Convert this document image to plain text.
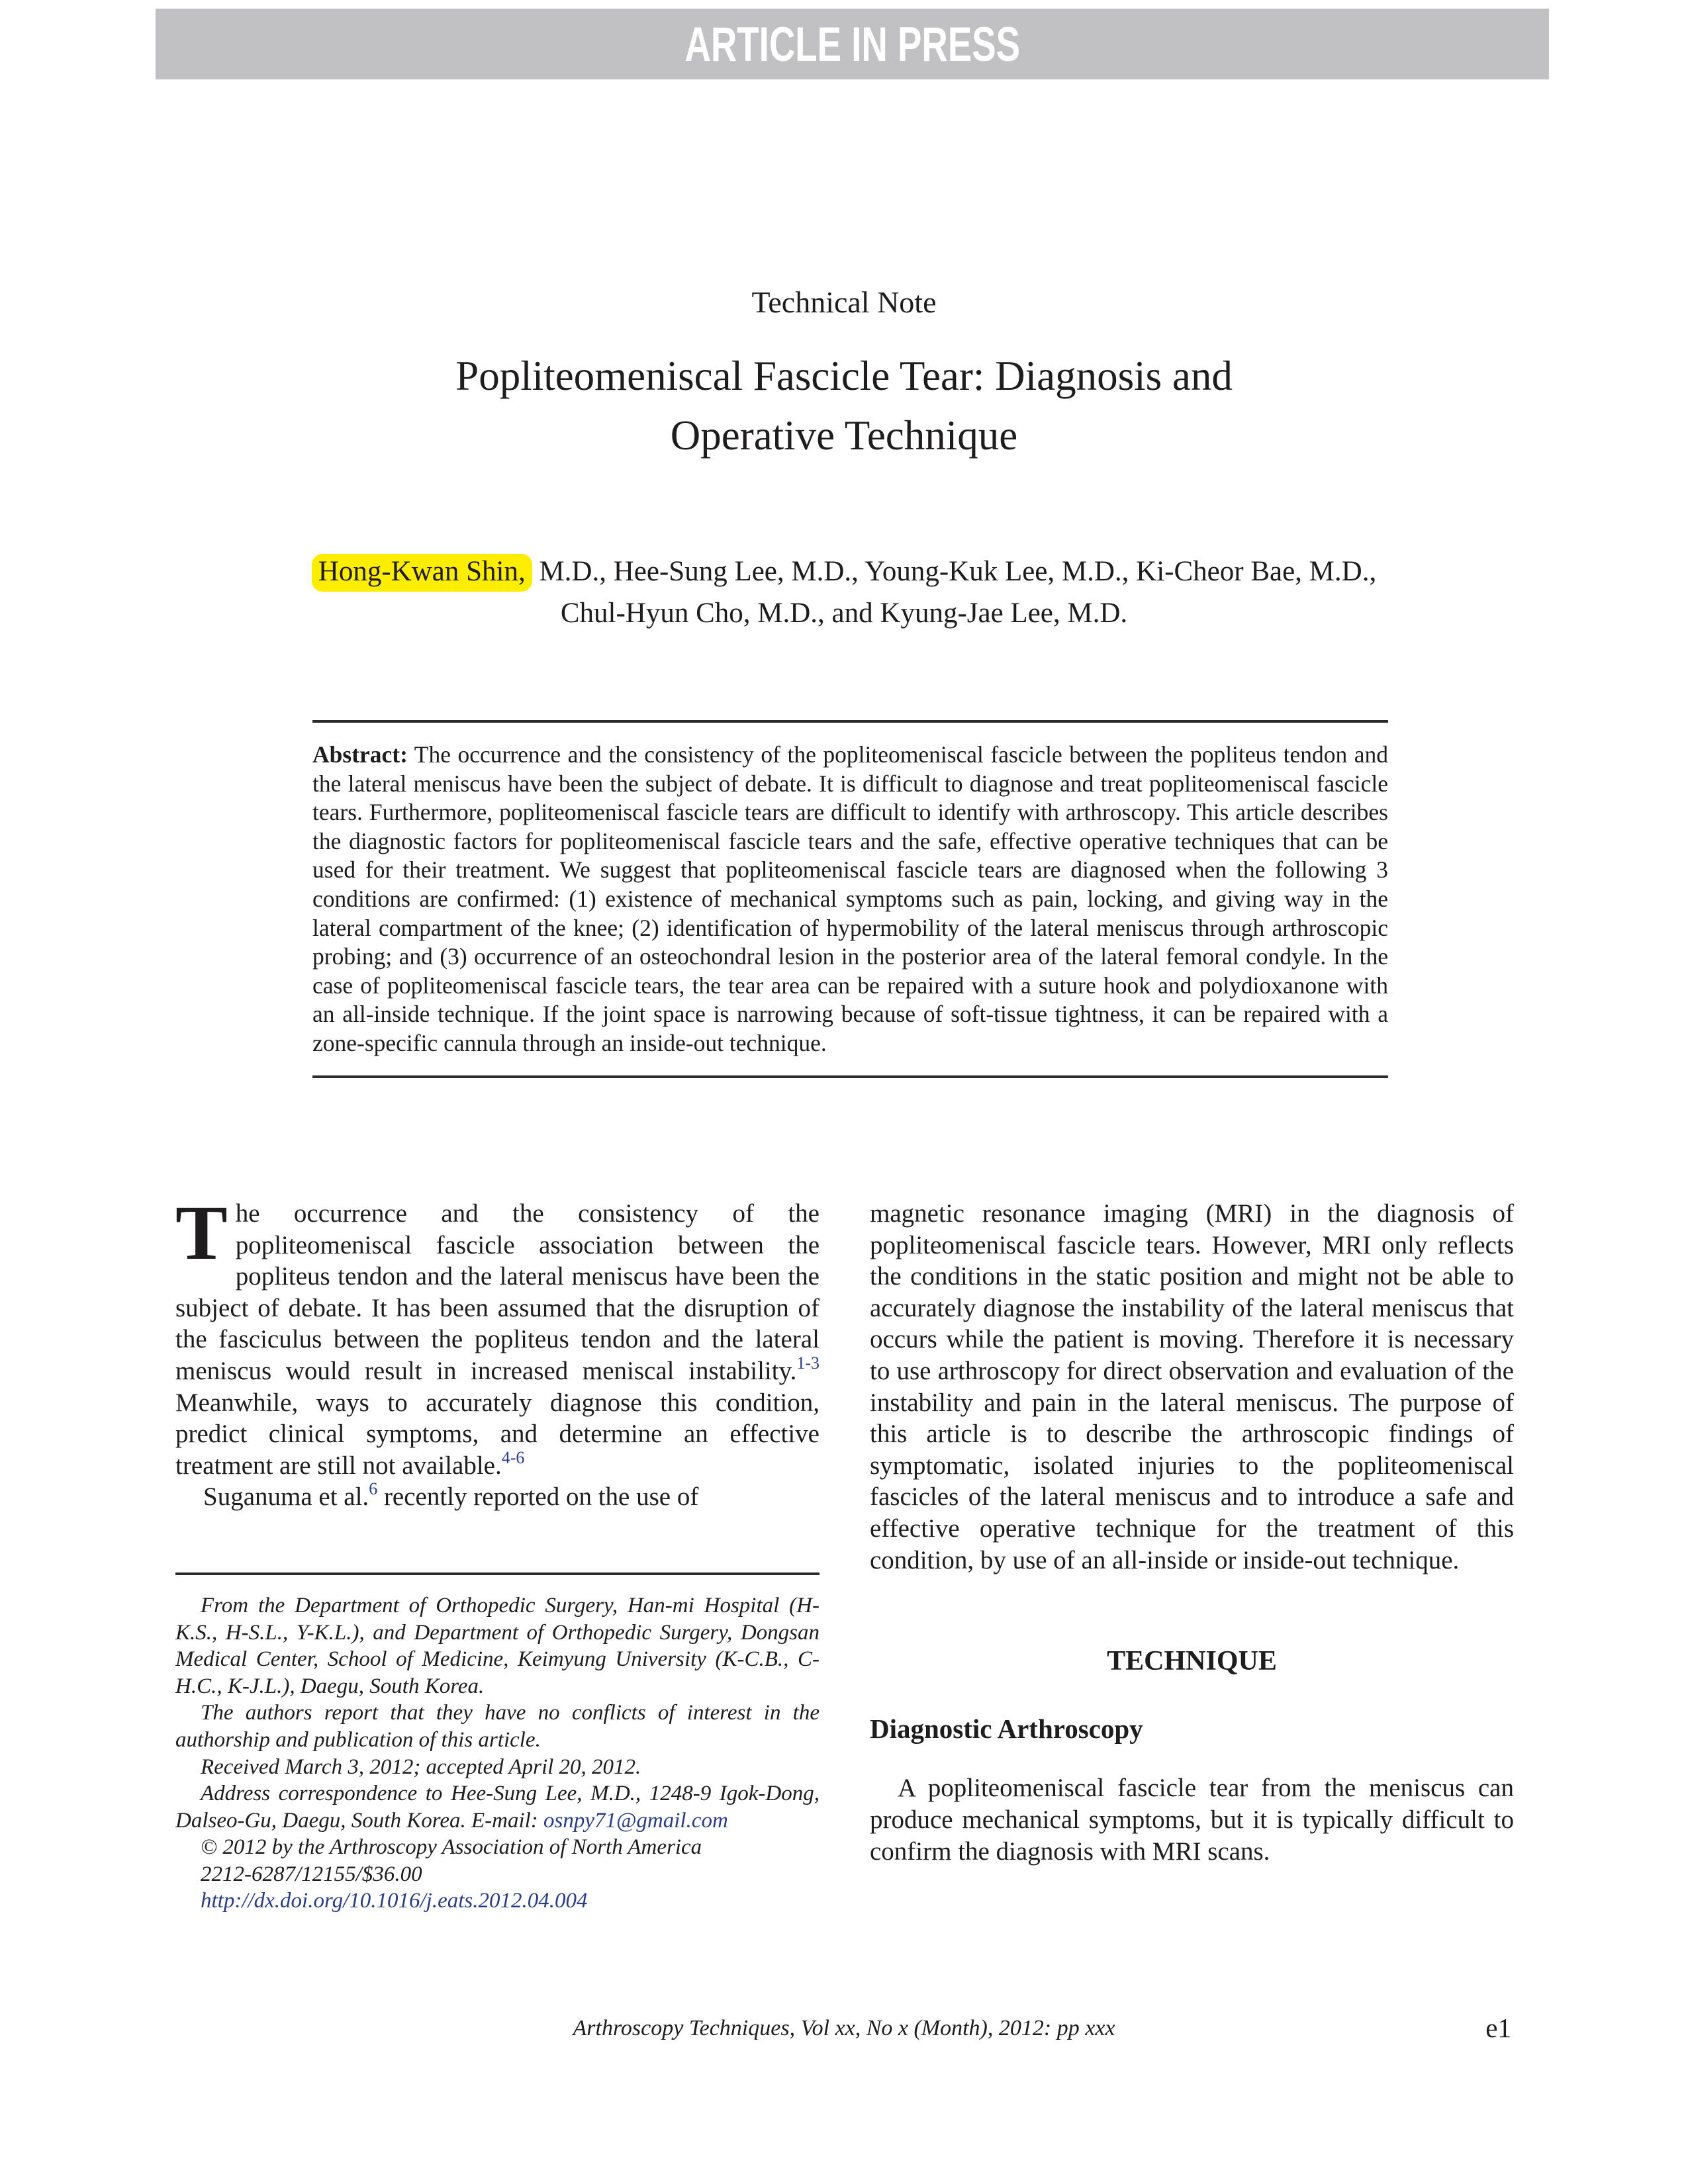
ARTICLE IN PRESS
Technical Note
Popliteomeniscal Fascicle Tear: Diagnosis and
Operative Technique
Hong-Kwan Shin, M.D., Hee-Sung Lee, M.D., Young-Kuk Lee, M.D., Ki-Cheor Bae, M.D.,
Chul-Hyun Cho, M.D., and Kyung-Jae Lee, M.D.

Abstract: The occurrence and the consistency of the popliteomeniscal fascicle between the popliteus tendon and the lateral meniscus have been the subject of debate. It is difficult to diagnose and treat popliteomeniscal fascicle tears. Furthermore, popliteomeniscal fascicle tears are difficult to identify with arthroscopy. This article describes the diagnostic factors for popliteomeniscal fascicle tears and the safe, effective operative techniques that can be used for their treatment. We suggest that popliteomeniscal fascicle tears are diagnosed when the following 3 conditions are confirmed: (1) existence of mechanical symptoms such as pain, locking, and giving way in the lateral compartment of the knee; (2) identification of hypermobility of the lateral meniscus through arthroscopic probing; and (3) occurrence of an osteochondral lesion in the posterior area of the lateral femoral condyle. In the case of popliteomeniscal fascicle tears, the tear area can be repaired with a suture hook and polydioxanone with an all-inside technique. If the joint space is narrowing because of soft-tissue tightness, it can be repaired with a zone-specific cannula through an inside-out technique.

The occurrence and the consistency of the popliteomeniscal fascicle association between the popliteus tendon and the lateral meniscus have been the subject of debate. It has been assumed that the disruption of the fasciculus between the popliteus tendon and the lateral meniscus would result in increased meniscal instability.$^{1-3}$ Meanwhile, ways to accurately diagnose this condition, predict clinical symptoms, and determine an effective treatment are still not available.$^{4-6}$

Suganuma et al.$^6$ recently reported on the use of

From the Department of Orthopedic Surgery, Han-mi Hospital (H-K.S., H-S.L., Y-K.L.), and Department of Orthopedic Surgery, Dongsan Medical Center, School of Medicine, Keimyung University (K-C.B., C-H.C., K-J.L.), Daegu, South Korea.

The authors report that they have no conflicts of interest in the authorship and publication of this article.

Received March 3, 2012; accepted April 20, 2012.

Address correspondence to Hee-Sung Lee, M.D., 1248-9 Igok-Dong, Dalseo-Gu, Daegu, South Korea. E-mail: osnpy71@gmail.com

© 2012 by the Arthroscopy Association of North America

2212-6287/12155/$36.00

http://dx.doi.org/10.1016/j.eats.2012.04.004

magnetic resonance imaging (MRI) in the diagnosis of popliteomeniscal fascicle tears. However, MRI only reflects the conditions in the static position and might not be able to accurately diagnose the instability of the lateral meniscus that occurs while the patient is moving. Therefore it is necessary to use arthroscopy for direct observation and evaluation of the instability and pain in the lateral meniscus. The purpose of this article is to describe the arthroscopic findings of symptomatic, isolated injuries to the popliteomeniscal fascicles of the lateral meniscus and to introduce a safe and effective operative technique for the treatment of this condition, by use of an all-inside or inside-out technique.

TECHNIQUE

Diagnostic Arthroscopy

A popliteomeniscal fascicle tear from the meniscus can produce mechanical symptoms, but it is typically difficult to confirm the diagnosis with MRI scans.

Arthroscopy Techniques, Vol xx, No x (Month), 2012: pp xxx	e1
